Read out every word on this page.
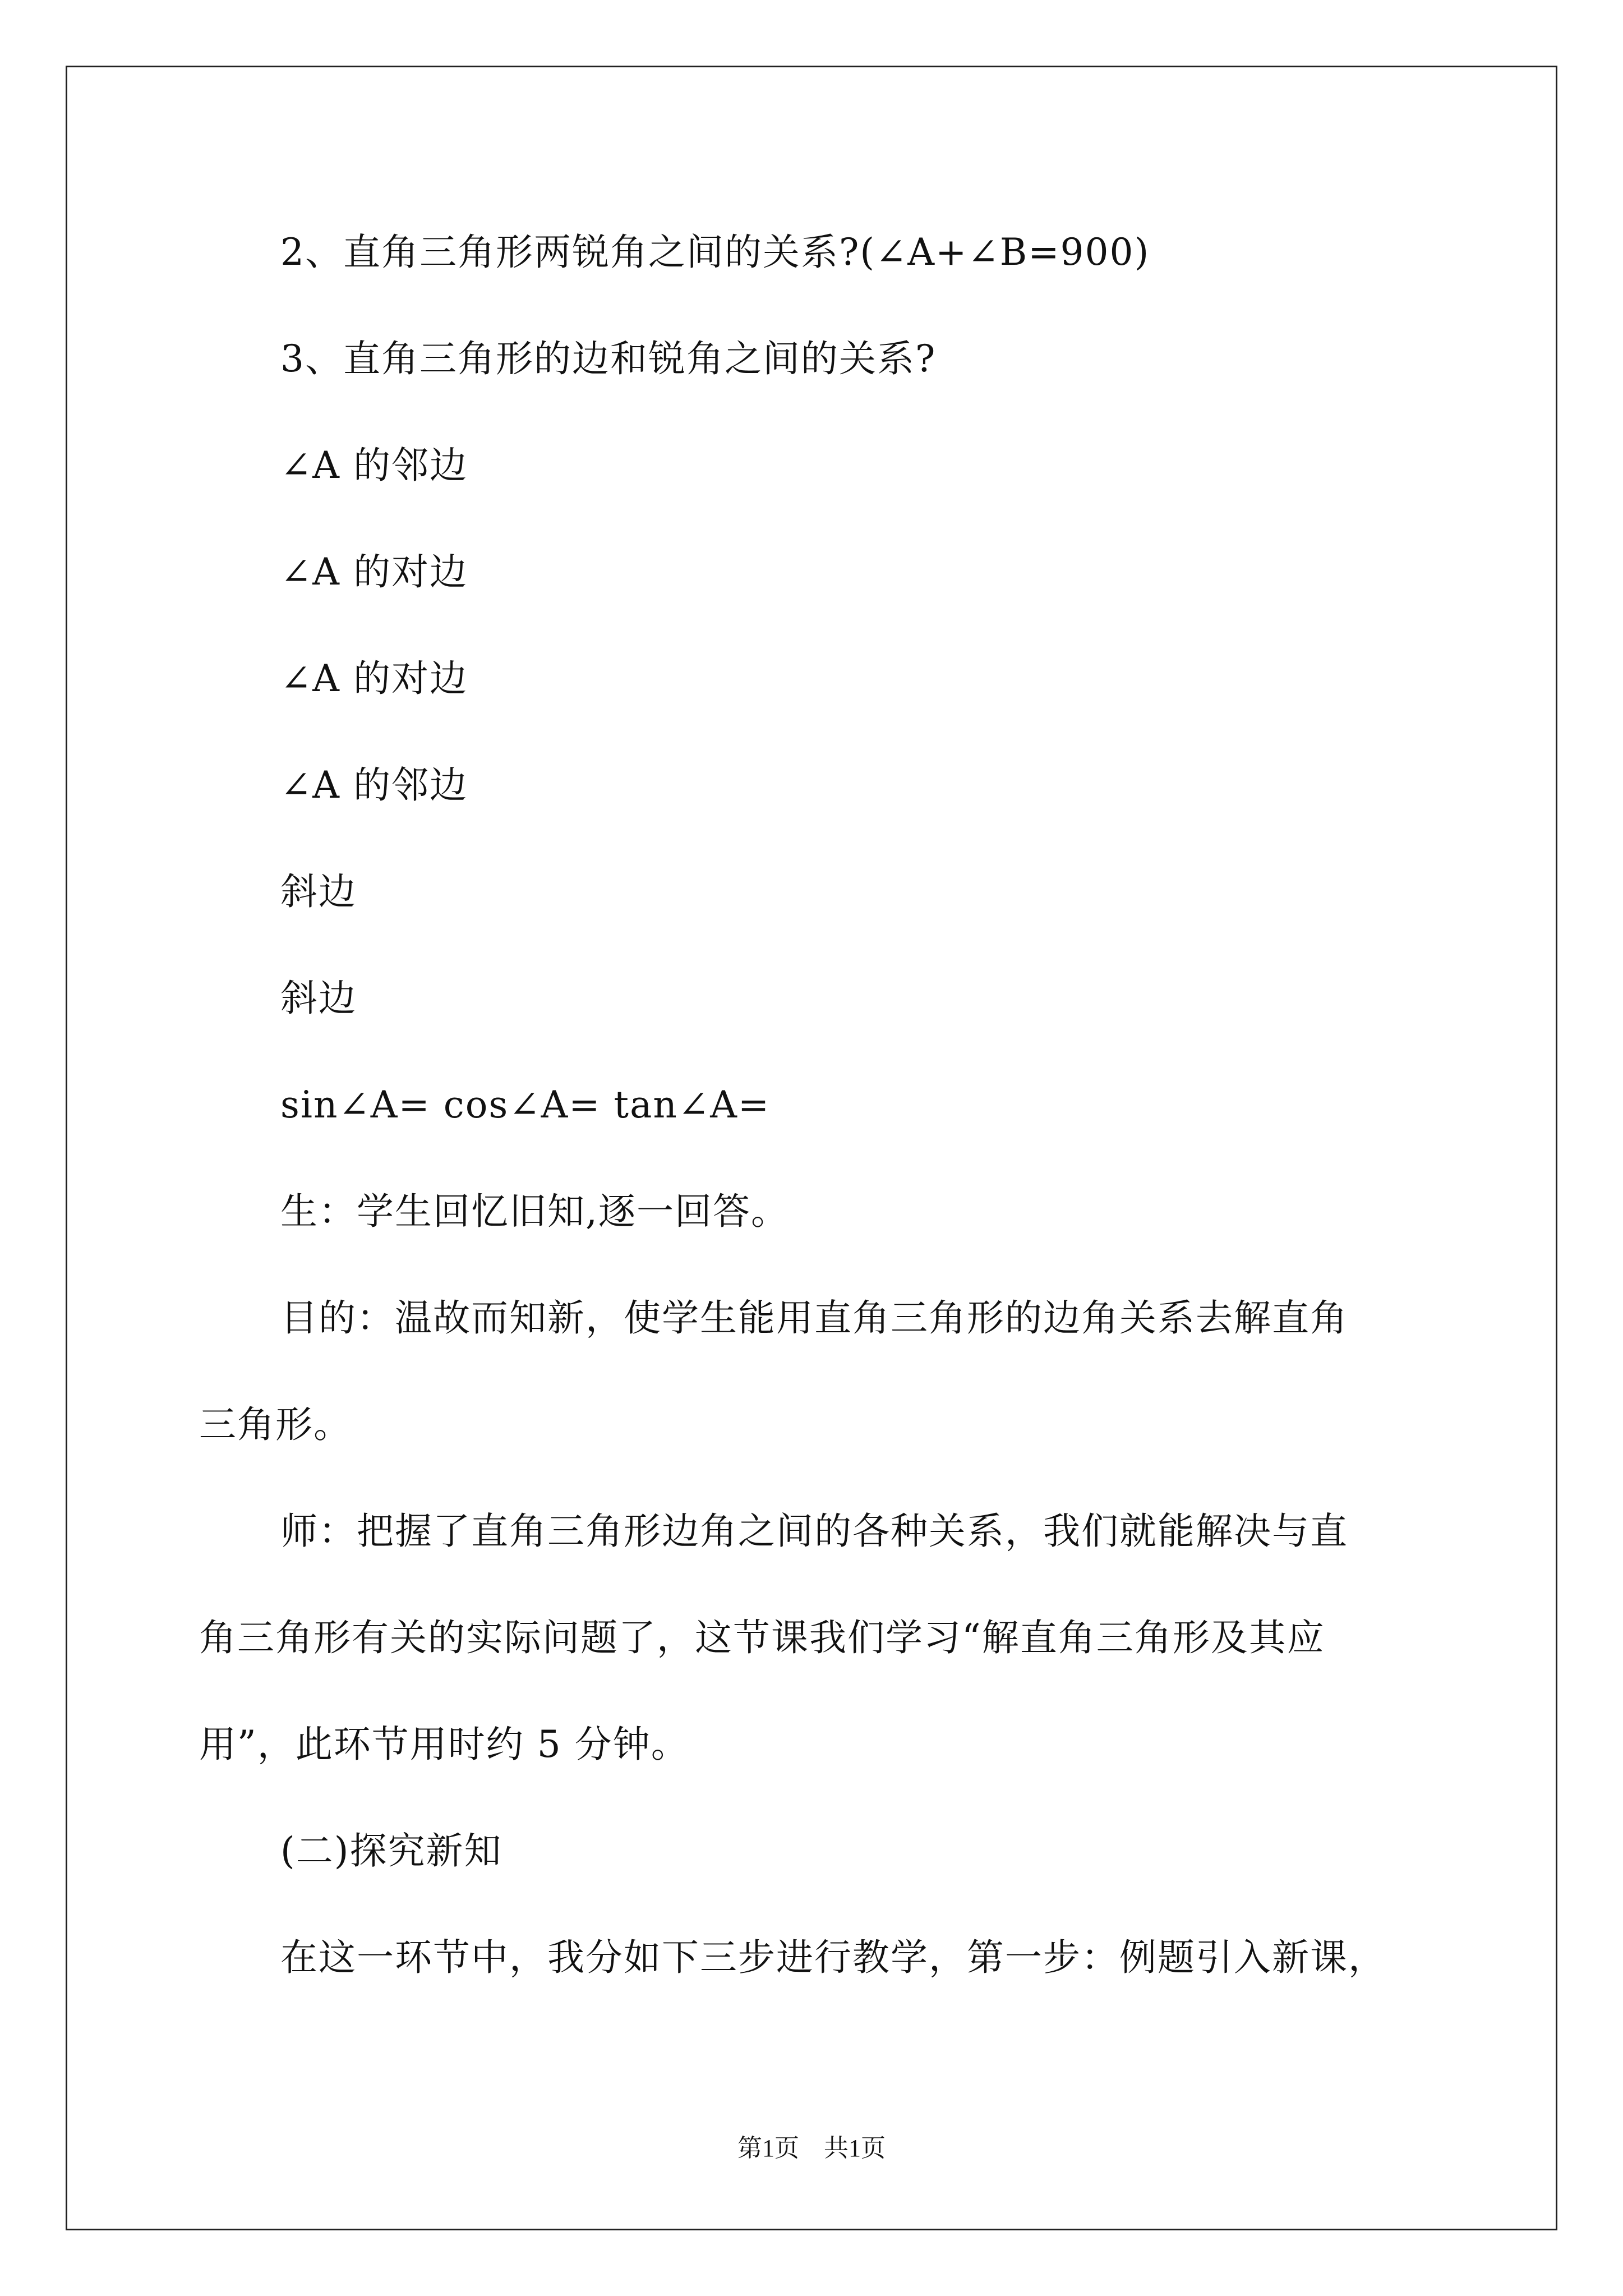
2、直角三角形两锐角之间的关系?(∠A+∠B=900)
3、直角三角形的边和锐角之间的关系?
∠A 的邻边
∠A 的对边
∠A 的对边
∠A 的邻边
斜边
斜边
sin∠A= cos∠A= tan∠A=
生：学生回忆旧知,逐一回答。
目的：温故而知新，使学生能用直角三角形的边角关系去解直角
三角形。
师：把握了直角三角形边角之间的各种关系，我们就能解决与直
角三角形有关的实际问题了，这节课我们学习“解直角三角形及其应
用”，此环节用时约 5 分钟。
(二)探究新知
在这一环节中，我分如下三步进行教学，第一步：例题引入新课，
第1页　共1页
